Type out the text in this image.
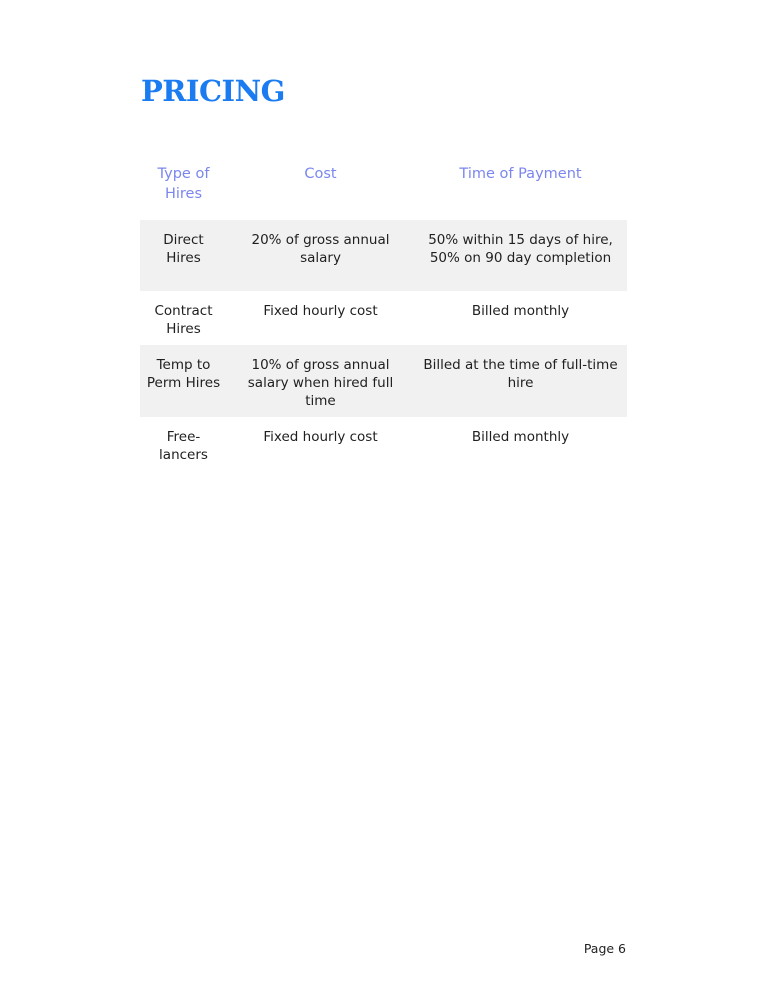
PRICING
Type of Hires	Cost	Time of Payment
Direct Hires	20% of gross annual salary	50% within 15 days of hire, 50% on 90 day completion
Contract Hires	Fixed hourly cost	Billed monthly
Temp to Perm Hires	10% of gross annual salary when hired full time	Billed at the time of full-time hire
Free-lancers	Fixed hourly cost	Billed monthly
Page 6
